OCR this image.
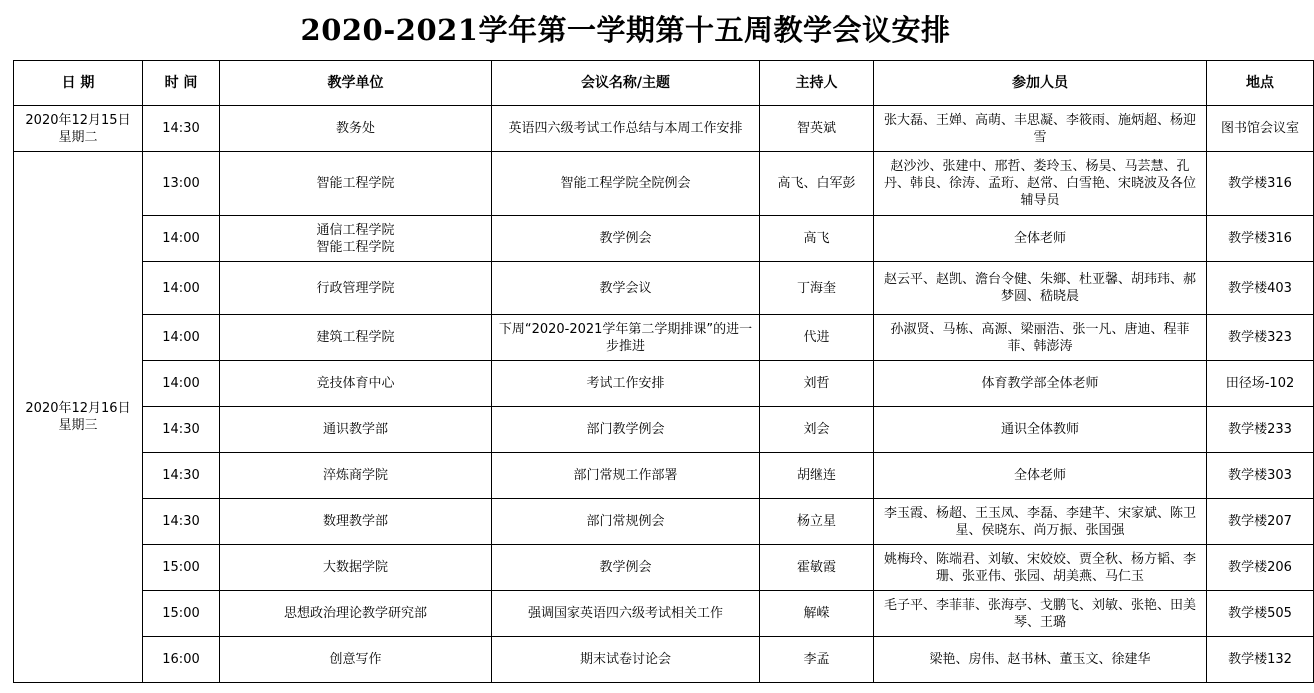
2020-2021学年第一学期第十五周教学会议安排
日 期	时 间	教学单位	会议名称/主题	主持人	参加人员	地点

2020年12月15日
星期二	14:30	教务处	英语四六级考试工作总结与本周工作安排	智英斌	张大磊、王婵、高萌、丰思凝、李筱雨、施炳超、杨迎雪	图书馆会议室

2020年12月16日
星期三	13:00	智能工程学院	智能工程学院全院例会	高飞、白军彭	赵沙沙、张建中、邢哲、娄玲玉、杨昊、马芸慧、孔丹、韩良、徐涛、孟珩、赵常、白雪艳、宋晓波及各位辅导员	教学楼316
	14:00	通信工程学院
智能工程学院	教学例会	高飞	全体老师	教学楼316
	14:00	行政管理学院	教学会议	丁海奎	赵云平、赵凯、澹台令健、朱鄉、杜亚馨、胡玮玮、郝梦圆、嵇晓晨	教学楼403
	14:00	建筑工程学院	下周“2020-2021学年第二学期排课”的进一步推进	代进	孙淑贤、马栋、高源、梁丽浩、张一凡、唐迪、程菲菲、韩澎涛	教学楼323
	14:00	竞技体育中心	考试工作安排	刘哲	体育教学部全体老师	田径场-102
	14:30	通识教学部	部门教学例会	刘会	通识全体教师	教学楼233
	14:30	淬炼商学院	部门常规工作部署	胡继连	全体老师	教学楼303
	14:30	数理教学部	部门常规例会	杨立星	李玉霞、杨超、王玉凤、李磊、李建芊、宋家斌、陈卫星、侯晓东、尚万振、张国强	教学楼207
	15:00	大数据学院	教学例会	霍敏霞	姚梅玲、陈端君、刘敏、宋姣姣、贾全秋、杨方韬、李珊、张亚伟、张园、胡美燕、马仁玉	教学楼206
	15:00	思想政治理论教学研究部	强调国家英语四六级考试相关工作	解嵘	毛子平、李菲菲、张海亭、戈鹏飞、刘敏、张艳、田美琴、王璐	教学楼505
	16:00	创意写作	期末试卷讨论会	李孟	梁艳、房伟、赵书林、董玉文、徐建华	教学楼132
